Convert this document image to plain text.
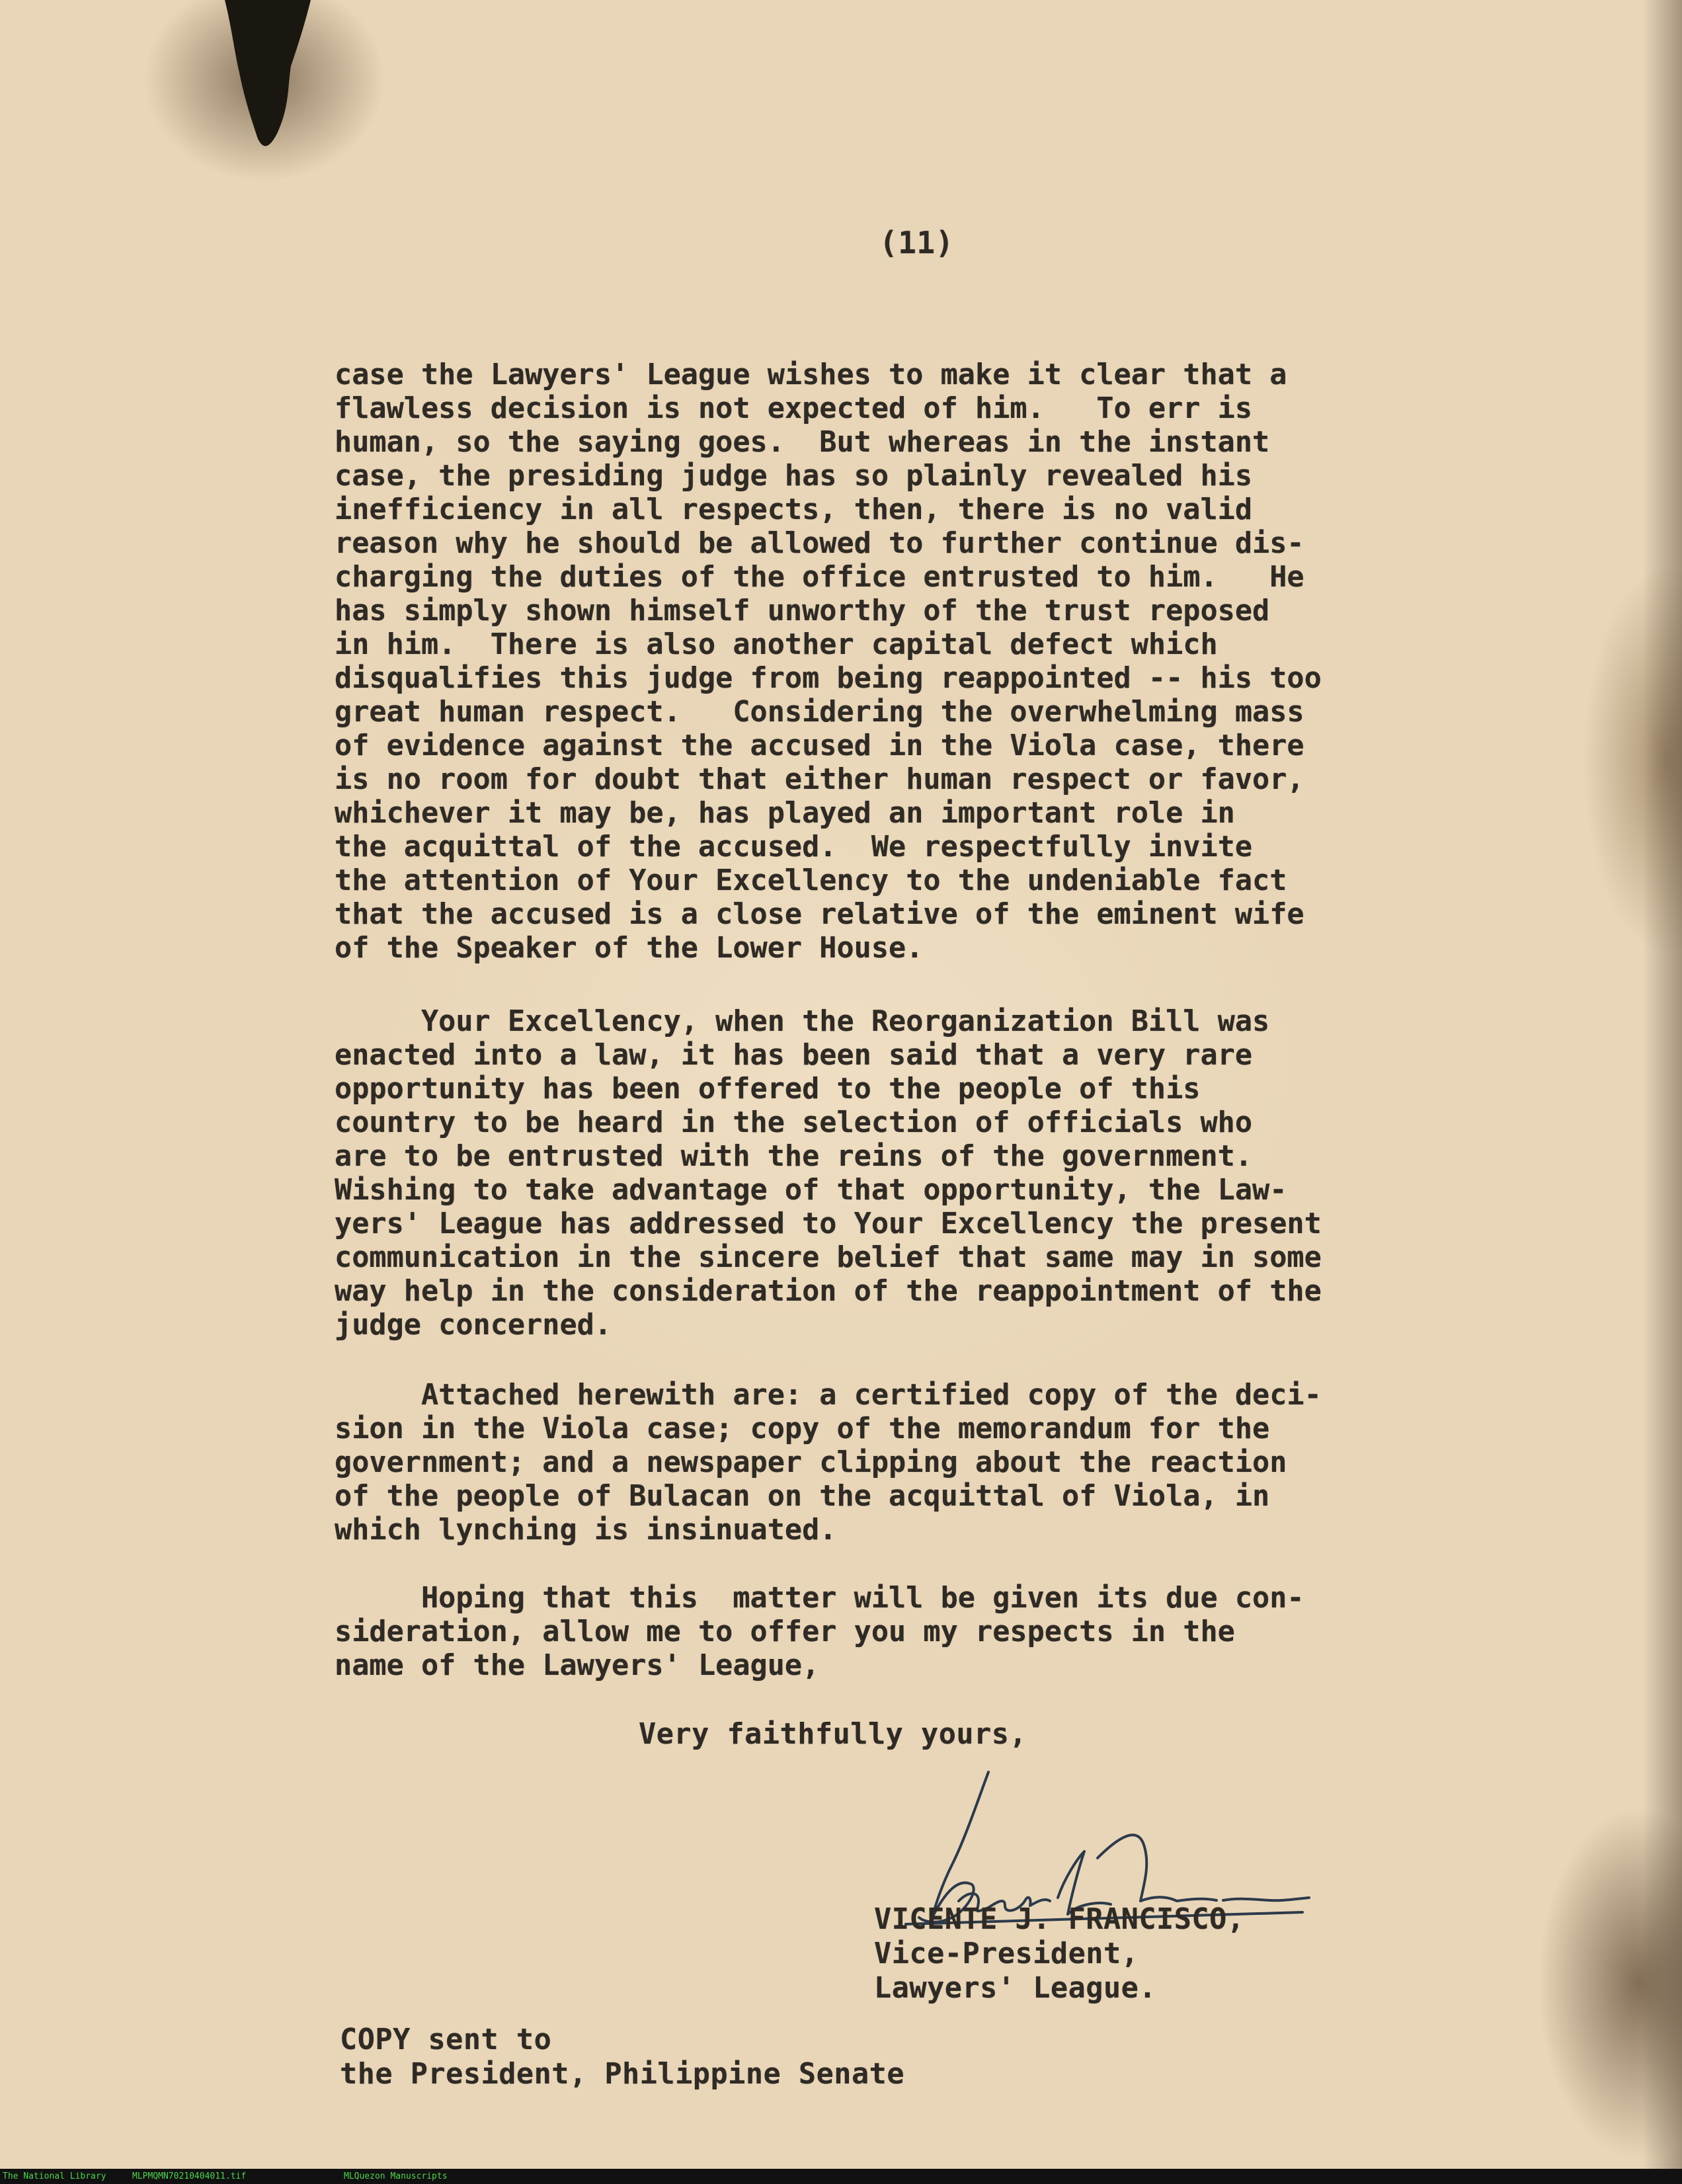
(11)
case the Lawyers' League wishes to make it clear that a
flawless decision is not expected of him.   To err is
human, so the saying goes.  But whereas in the instant
case, the presiding judge has so plainly revealed his
inefficiency in all respects, then, there is no valid
reason why he should be allowed to further continue dis-
charging the duties of the office entrusted to him.   He
has simply shown himself unworthy of the trust reposed
in him.  There is also another capital defect which
disqualifies this judge from being reappointed -- his too
great human respect.   Considering the overwhelming mass
of evidence against the accused in the Viola case, there
is no room for doubt that either human respect or favor,
whichever it may be, has played an important role in
the acquittal of the accused.  We respectfully invite
the attention of Your Excellency to the undeniable fact
that the accused is a close relative of the eminent wife
of the Speaker of the Lower House.
Your Excellency, when the Reorganization Bill was
enacted into a law, it has been said that a very rare
opportunity has been offered to the people of this
country to be heard in the selection of officials who
are to be entrusted with the reins of the government.
Wishing to take advantage of that opportunity, the Law-
yers' League has addressed to Your Excellency the present
communication in the sincere belief that same may in some
way help in the consideration of the reappointment of the
judge concerned.
Attached herewith are: a certified copy of the deci-
sion in the Viola case; copy of the memorandum for the
government; and a newspaper clipping about the reaction
of the people of Bulacan on the acquittal of Viola, in
which lynching is insinuated.
Hoping that this  matter will be given its due con-
sideration, allow me to offer you my respects in the
name of the Lawyers' League,
Very faithfully yours,
VICENTE J. FRANCISCO,
Vice-President,
Lawyers' League.
COPY sent to
the President, Philippine Senate
The National Library	MLPMQMN70210404011.tif	MLQuezon Manuscripts
